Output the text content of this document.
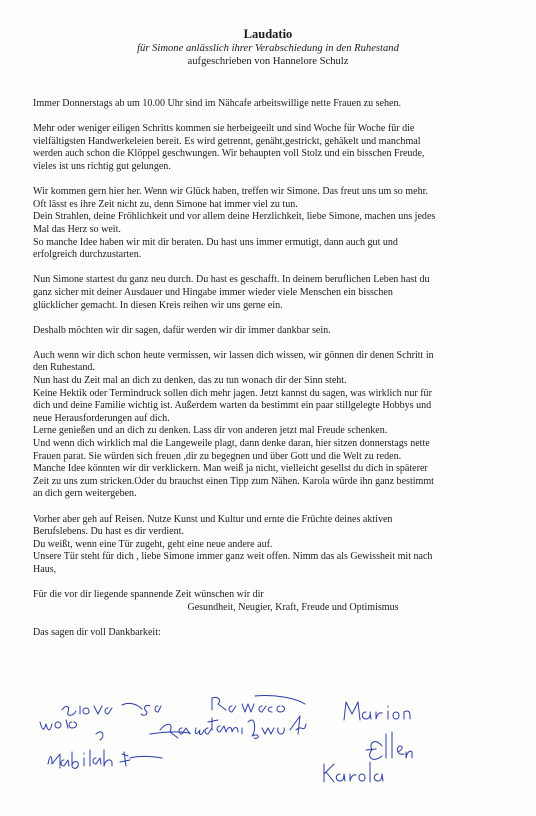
Laudatio
für Simone anlässlich ihrer Verabschiedung in den Ruhestand
aufgeschrieben von Hannelore Schulz
Immer Donnerstags ab um 10.00 Uhr sind im Nähcafe arbeitswillige nette Frauen zu sehen.
Mehr oder weniger eiligen Schritts kommen sie herbeigeeilt und sind Woche für Woche für die
vielfältigsten Handwerkeleien bereit. Es wird getrennt, genäht,gestrickt, gehäkelt und manchmal
werden auch schon die Klöppel geschwungen. Wir behaupten voll Stolz und ein bisschen Freude,
vieles ist uns richtig gut gelungen.
Wir kommen gern hier her. Wenn wir Glück haben, treffen wir Simone. Das freut uns um so mehr.
Oft lässt es ihre Zeit nicht zu, denn Simone hat immer viel zu tun.
Dein Strahlen, deine Fröhlichkeit und vor allem deine Herzlichkeit, liebe Simone, machen uns jedes
Mal das Herz so weit.
So manche Idee haben wir mit dir beraten. Du hast uns immer ermutigt, dann auch gut und
erfolgreich durchzustarten.
Nun Simone startest du ganz neu durch. Du hast es geschafft. In deinem beruflichen Leben hast du
ganz sicher mit deiner Ausdauer und Hingabe immer wieder viele Menschen ein bisschen
glücklicher gemacht. In diesen Kreis reihen wir uns gerne ein.
Deshalb möchten wir dir sagen, dafür werden wir dir immer dankbar sein.
Auch wenn wir dich schon heute vermissen, wir lassen dich wissen, wir gönnen dir denen Schritt in
den Ruhestand.
Nun hast du Zeit mal an dich zu denken, das zu tun wonach dir der Sinn steht.
Keine Hektik oder Termindruck sollen dich mehr jagen. Jetzt kannst du sagen, was wirklich nur für
dich und deine Familie wichtig ist. Außerdem warten da bestimmt ein paar stillgelegte Hobbys und
neue Herausforderungen auf dich.
Lerne genießen und an dich zu denken. Lass dir von anderen jetzt mal Freude schenken.
Und wenn dich wirklich mal die Langeweile plagt, dann denke daran, hier sitzen donnerstags nette
Frauen parat. Sie würden sich freuen ,dir zu begegnen und über Gott und die Welt zu reden.
Manche Idee könnten wir dir verklickern. Man weiß ja nicht, vielleicht gesellst du dich in späterer
Zeit zu uns zum stricken.Oder du brauchst einen Tipp zum Nähen. Karola würde ihn ganz bestimmt
an dich gern weitergeben.
Vorher aber geh auf Reisen. Nutze Kunst und Kultur und ernte die Früchte deines aktiven
Berufslebens. Du hast es dir verdient.
Du weißt, wenn eine Tür zugeht, geht eine neue andere auf.
Unsere Tür steht für dich , liebe Simone immer ganz weit offen. Nimm das als Gewissheit mit nach
Haus,
Für die vor dir liegende spannende Zeit wünschen wir dir
Gesundheit, Neugier, Kraft, Freude und Optimismus
Das sagen dir voll Dankbarkeit:
